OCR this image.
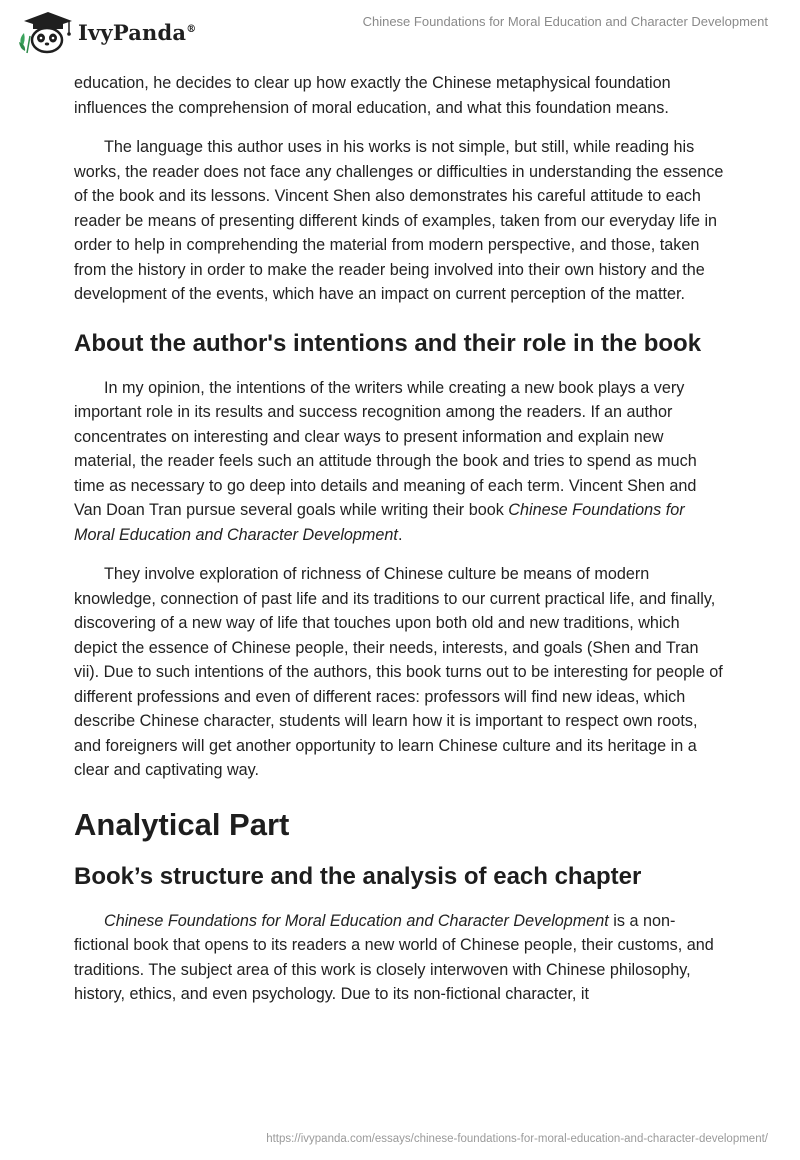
IvyPanda®	Chinese Foundations for Moral Education and Character Development

education, he decides to clear up how exactly the Chinese metaphysical foundation influences the comprehension of moral education, and what this foundation means.

The language this author uses in his works is not simple, but still, while reading his works, the reader does not face any challenges or difficulties in understanding the essence of the book and its lessons. Vincent Shen also demonstrates his careful attitude to each reader be means of presenting different kinds of examples, taken from our everyday life in order to help in comprehending the material from modern perspective, and those, taken from the history in order to make the reader being involved into their own history and the development of the events, which have an impact on current perception of the matter.

About the author's intentions and their role in the book

In my opinion, the intentions of the writers while creating a new book plays a very important role in its results and success recognition among the readers. If an author concentrates on interesting and clear ways to present information and explain new material, the reader feels such an attitude through the book and tries to spend as much time as necessary to go deep into details and meaning of each term. Vincent Shen and Van Doan Tran pursue several goals while writing their book Chinese Foundations for Moral Education and Character Development.

They involve exploration of richness of Chinese culture be means of modern knowledge, connection of past life and its traditions to our current practical life, and finally, discovering of a new way of life that touches upon both old and new traditions, which depict the essence of Chinese people, their needs, interests, and goals (Shen and Tran vii). Due to such intentions of the authors, this book turns out to be interesting for people of different professions and even of different races: professors will find new ideas, which describe Chinese character, students will learn how it is important to respect own roots, and foreigners will get another opportunity to learn Chinese culture and its heritage in a clear and captivating way.

Analytical Part
Book’s structure and the analysis of each chapter

Chinese Foundations for Moral Education and Character Development is a non-fictional book that opens to its readers a new world of Chinese people, their customs, and traditions. The subject area of this work is closely interwoven with Chinese philosophy, history, ethics, and even psychology. Due to its non-fictional character, it

https://ivypanda.com/essays/chinese-foundations-for-moral-education-and-character-development/
